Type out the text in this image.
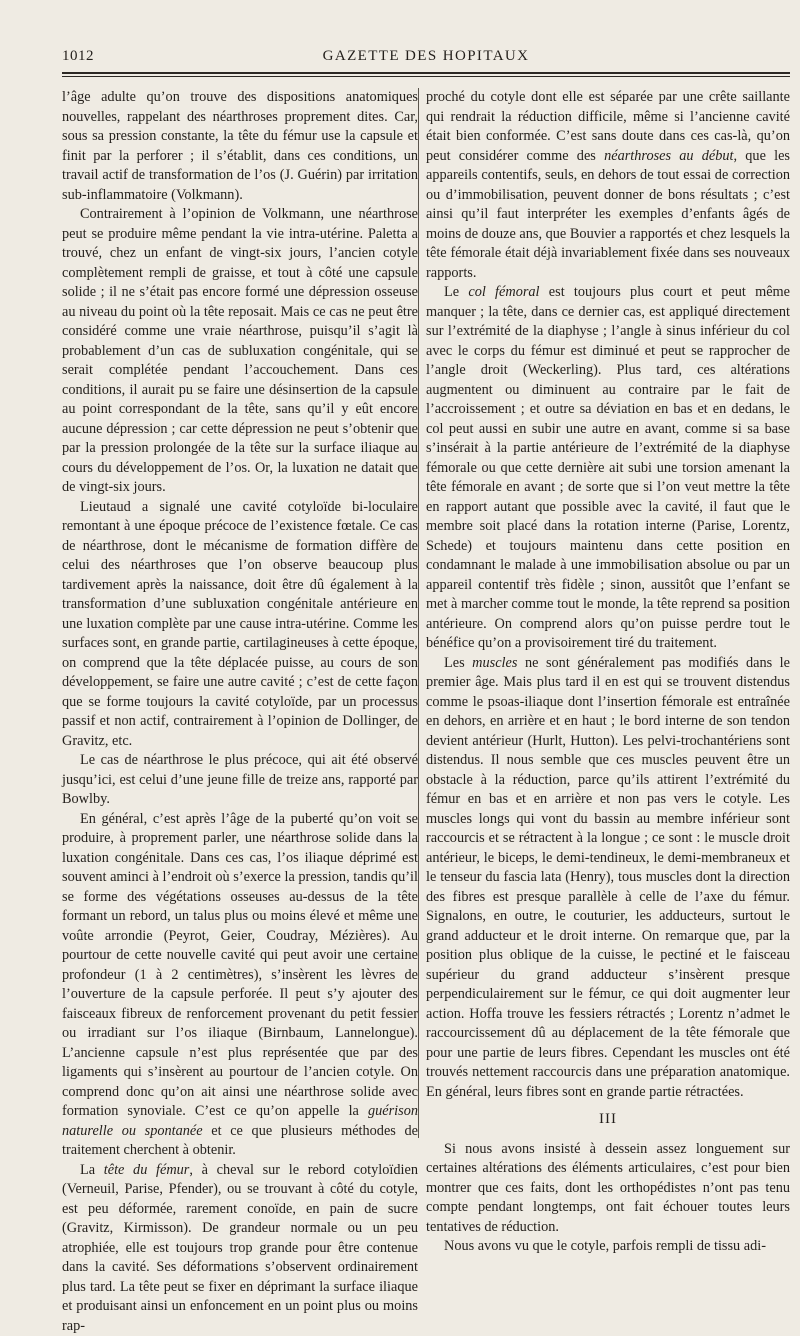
1012	GAZETTE DES HOPITAUX

l’âge adulte qu’on trouve des dispositions anatomiques nouvelles, rappelant des néarthroses proprement dites. Car, sous sa pression constante, la tête du fémur use la capsule et finit par la perforer ; il s’établit, dans ces conditions, un travail actif de transformation de l’os (J. Guérin) par irritation sub-inflammatoire (Volkmann).

Contrairement à l’opinion de Volkmann, une néarthrose peut se produire même pendant la vie intra-utérine. Paletta a trouvé, chez un enfant de vingt-six jours, l’ancien cotyle complètement rempli de graisse, et tout à côté une capsule solide ; il ne s’était pas encore formé une dépression osseuse au niveau du point où la tête reposait. Mais ce cas ne peut être considéré comme une vraie néarthrose, puisqu’il s’agit là probablement d’un cas de subluxation congénitale, qui se serait complétée pendant l’accouchement. Dans ces conditions, il aurait pu se faire une désinsertion de la capsule au point correspondant de la tête, sans qu’il y eût encore aucune dépression ; car cette dépression ne peut s’obtenir que par la pression prolongée de la tête sur la surface iliaque au cours du développement de l’os. Or, la luxation ne datait que de vingt-six jours.

Lieutaud a signalé une cavité cotyloïde bi-loculaire remontant à une époque précoce de l’existence fœtale. Ce cas de néarthrose, dont le mécanisme de formation diffère de celui des néarthroses que l’on observe beaucoup plus tardivement après la naissance, doit être dû également à la transformation d’une subluxation congénitale antérieure en une luxation complète par une cause intra-utérine. Comme les surfaces sont, en grande partie, cartilagineuses à cette époque, on comprend que la tête déplacée puisse, au cours de son développement, se faire une autre cavité ; c’est de cette façon que se forme toujours la cavité cotyloïde, par un processus passif et non actif, contrairement à l’opinion de Dollinger, de Gravitz, etc.

Le cas de néarthrose le plus précoce, qui ait été observé jusqu’ici, est celui d’une jeune fille de treize ans, rapporté par Bowlby.

En général, c’est après l’âge de la puberté qu’on voit se produire, à proprement parler, une néarthrose solide dans la luxation congénitale. Dans ces cas, l’os iliaque déprimé est souvent aminci à l’endroit où s’exerce la pression, tandis qu’il se forme des végétations osseuses au-dessus de la tête formant un rebord, un talus plus ou moins élevé et même une voûte arrondie (Peyrot, Geier, Coudray, Mézières). Au pourtour de cette nouvelle cavité qui peut avoir une certaine profondeur (1 à 2 centimètres), s’insèrent les lèvres de l’ouverture de la capsule perforée. Il peut s’y ajouter des faisceaux fibreux de renforcement provenant du petit fessier ou irradiant sur l’os iliaque (Birnbaum, Lannelongue). L’ancienne capsule n’est plus représentée que par des ligaments qui s’insèrent au pourtour de l’ancien cotyle. On comprend donc qu’on ait ainsi une néarthrose solide avec formation synoviale. C’est ce qu’on appelle la guérison naturelle ou spontanée et ce que plusieurs méthodes de traitement cherchent à obtenir.

La tête du fémur, à cheval sur le rebord cotyloïdien (Verneuil, Parise, Pfender), ou se trouvant à côté du cotyle, est peu déformée, rarement conoïde, en pain de sucre (Gravitz, Kirmisson). De grandeur normale ou un peu atrophiée, elle est toujours trop grande pour être contenue dans la cavité. Ses déformations s’observent ordinairement plus tard. La tête peut se fixer en déprimant la surface iliaque et produisant ainsi un enfoncement en un point plus ou moins rap-

proché du cotyle dont elle est séparée par une crête saillante qui rendrait la réduction difficile, même si l’ancienne cavité était bien conformée. C’est sans doute dans ces cas-là, qu’on peut considérer comme des néarthroses au début, que les appareils contentifs, seuls, en dehors de tout essai de correction ou d’immobilisation, peuvent donner de bons résultats ; c’est ainsi qu’il faut interpréter les exemples d’enfants âgés de moins de douze ans, que Bouvier a rapportés et chez lesquels la tête fémorale était déjà invariablement fixée dans ses nouveaux rapports.

Le col fémoral est toujours plus court et peut même manquer ; la tête, dans ce dernier cas, est appliqué directement sur l’extrémité de la diaphyse ; l’angle à sinus inférieur du col avec le corps du fémur est diminué et peut se rapprocher de l’angle droit (Weckerling). Plus tard, ces altérations augmentent ou diminuent au contraire par le fait de l’accroissement ; et outre sa déviation en bas et en dedans, le col peut aussi en subir une autre en avant, comme si sa base s’insérait à la partie antérieure de l’extrémité de la diaphyse fémorale ou que cette dernière ait subi une torsion amenant la tête fémorale en avant ; de sorte que si l’on veut mettre la tête en rapport autant que possible avec la cavité, il faut que le membre soit placé dans la rotation interne (Parise, Lorentz, Schede) et toujours maintenu dans cette position en condamnant le malade à une immobilisation absolue ou par un appareil contentif très fidèle ; sinon, aussitôt que l’enfant se met à marcher comme tout le monde, la tête reprend sa position antérieure. On comprend alors qu’on puisse perdre tout le bénéfice qu’on a provisoirement tiré du traitement.

Les muscles ne sont généralement pas modifiés dans le premier âge. Mais plus tard il en est qui se trouvent distendus comme le psoas-iliaque dont l’insertion fémorale est entraînée en dehors, en arrière et en haut ; le bord interne de son tendon devient antérieur (Hurlt, Hutton). Les pelvi-trochantériens sont distendus. Il nous semble que ces muscles peuvent être un obstacle à la réduction, parce qu’ils attirent l’extrémité du fémur en bas et en arrière et non pas vers le cotyle. Les muscles longs qui vont du bassin au membre inférieur sont raccourcis et se rétractent à la longue ; ce sont : le muscle droit antérieur, le biceps, le demi-tendineux, le demi-membraneux et le tenseur du fascia lata (Henry), tous muscles dont la direction des fibres est presque parallèle à celle de l’axe du fémur. Signalons, en outre, le couturier, les adducteurs, surtout le grand adducteur et le droit interne. On remarque que, par la position plus oblique de la cuisse, le pectiné et le faisceau supérieur du grand adducteur s’insèrent presque perpendiculairement sur le fémur, ce qui doit augmenter leur action. Hoffa trouve les fessiers rétractés ; Lorentz n’admet le raccourcissement dû au déplacement de la tête fémorale que pour une partie de leurs fibres. Cependant les muscles ont été trouvés nettement raccourcis dans une préparation anatomique. En général, leurs fibres sont en grande partie rétractées.

III

Si nous avons insisté à dessein assez longuement sur certaines altérations des éléments articulaires, c’est pour bien montrer que ces faits, dont les orthopédistes n’ont pas tenu compte pendant longtemps, ont fait échouer toutes leurs tentatives de réduction.

Nous avons vu que le cotyle, parfois rempli de tissu adi-
